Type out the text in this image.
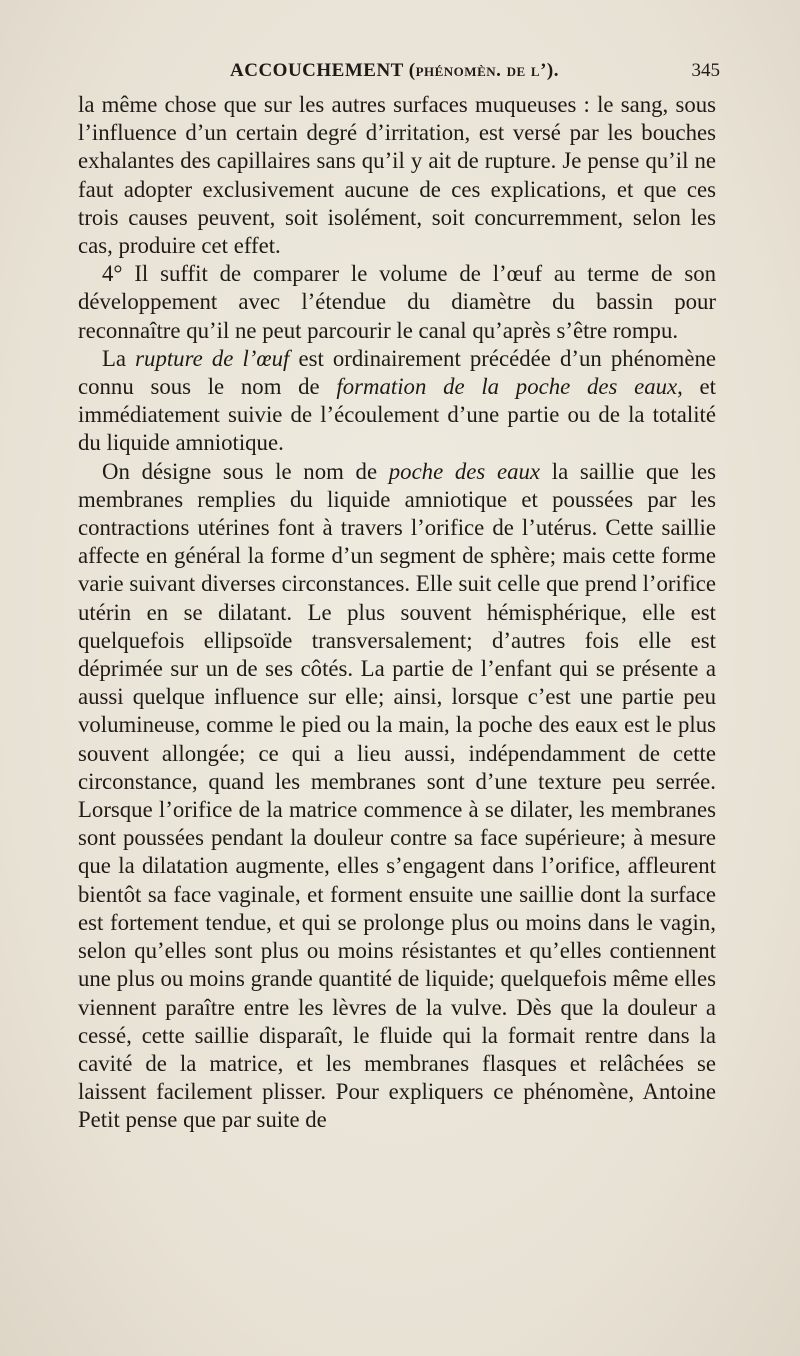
ACCOUCHEMENT (phénomèn. de l’).	345

la même chose que sur les autres surfaces muqueuses : le sang, sous l’influence d’un certain degré d’irritation, est versé par les bouches exhalantes des capillaires sans qu’il y ait de rupture. Je pense qu’il ne faut adopter exclusivement aucune de ces explications, et que ces trois causes peuvent, soit isolément, soit concurremment, selon les cas, produire cet effet.

4° Il suffit de comparer le volume de l’œuf au terme de son développement avec l’étendue du diamètre du bassin pour reconnaître qu’il ne peut parcourir le canal qu’après s’être rompu.

La rupture de l’œuf est ordinairement précédée d’un phénomène connu sous le nom de formation de la poche des eaux, et immédiatement suivie de l’écoulement d’une partie ou de la totalité du liquide amniotique.

On désigne sous le nom de poche des eaux la saillie que les membranes remplies du liquide amniotique et poussées par les contractions utérines font à travers l’orifice de l’utérus. Cette saillie affecte en général la forme d’un segment de sphère; mais cette forme varie suivant diverses circonstances. Elle suit celle que prend l’orifice utérin en se dilatant. Le plus souvent hémisphérique, elle est quelquefois ellipsoïde transversalement; d’autres fois elle est déprimée sur un de ses côtés. La partie de l’enfant qui se présente a aussi quelque influence sur elle; ainsi, lorsque c’est une partie peu volumineuse, comme le pied ou la main, la poche des eaux est le plus souvent allongée; ce qui a lieu aussi, indépendamment de cette circonstance, quand les membranes sont d’une texture peu serrée. Lorsque l’orifice de la matrice commence à se dilater, les membranes sont poussées pendant la douleur contre sa face supérieure; à mesure que la dilatation augmente, elles s’engagent dans l’orifice, affleurent bientôt sa face vaginale, et forment ensuite une saillie dont la surface est fortement tendue, et qui se prolonge plus ou moins dans le vagin, selon qu’elles sont plus ou moins résistantes et qu’elles contiennent une plus ou moins grande quantité de liquide; quelquefois même elles viennent paraître entre les lèvres de la vulve. Dès que la douleur a cessé, cette saillie disparaît, le fluide qui la formait rentre dans la cavité de la matrice, et les membranes flasques et relâchées se laissent facilement plisser. Pour expliquers ce phénomène, Antoine Petit pense que par suite de
